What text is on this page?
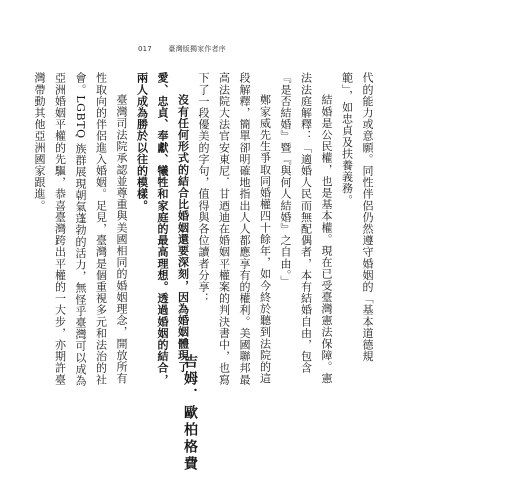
017 臺灣版獨家作者序

代的能力或意願。同性伴侶仍然遵守婚姻的「基本道德規範」，如忠貞及扶養義務。

結婚是公民權，也是基本權。現在已受臺灣憲法保障。憲法法庭解釋：「適婚人民而無配偶者，本有結婚自由，包含『是否結婚』暨『與何人結婚』之自由。」

鄭家威先生爭取同婚權四十餘年，如今終於聽到法院的這段解釋，簡單卻明確地指出人人都應享有的權利。美國聯邦最高法院大法官安東尼．甘迺迪在婚姻平權案的判決書中，也寫下了一段優美的字句，值得與各位讀者分享：

沒有任何形式的結合比婚姻還要深刻，因為婚姻體現了愛、忠貞、奉獻、犧牲和家庭的最高理想。透過婚姻的結合，兩人成為勝於以往的模樣。

臺灣司法院承認並尊重與美國相同的婚姻理念，開放所有性取向的伴侶進入婚姻。足見，臺灣是個重視多元和法治的社會。LGBTQ 族群展現朝氣蓬勃的活力，無怪乎臺灣可以成為亞洲婚姻平權的先驅，恭喜臺灣跨出平權的一大步，亦期許臺灣帶動其他亞洲國家跟進。

吉姆．歐柏格費
